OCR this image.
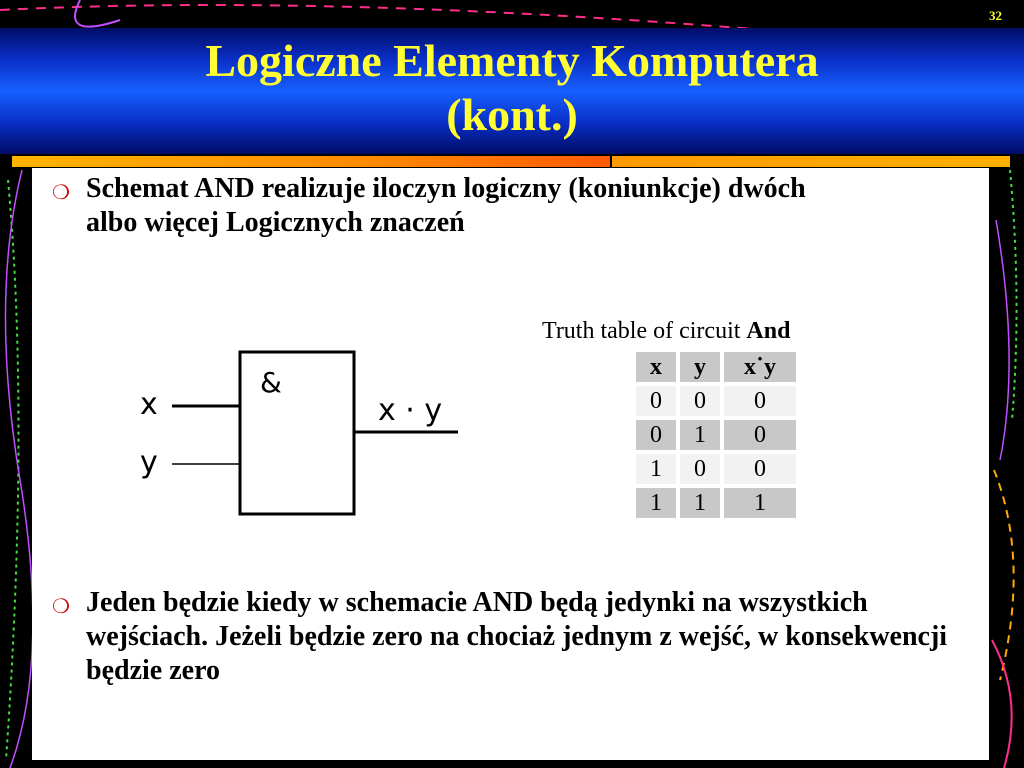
32
Logiczne Elementy Komputera
(kont.)
❍ Schemat AND realizuje iloczyn logiczny (koniunkcje) dwóch albo więcej Logicznych znaczeń
&
x
y
x · y
Truth table of circuit And
x	y	x˙y
0	0	0
0	1	0
1	0	0
1	1	1
❍ Jeden będzie kiedy w schemacie AND będą jedynki na wszystkich wejściach. Jeżeli będzie zero na chociaż jednym z wejść, w konsekwencji będzie zero
